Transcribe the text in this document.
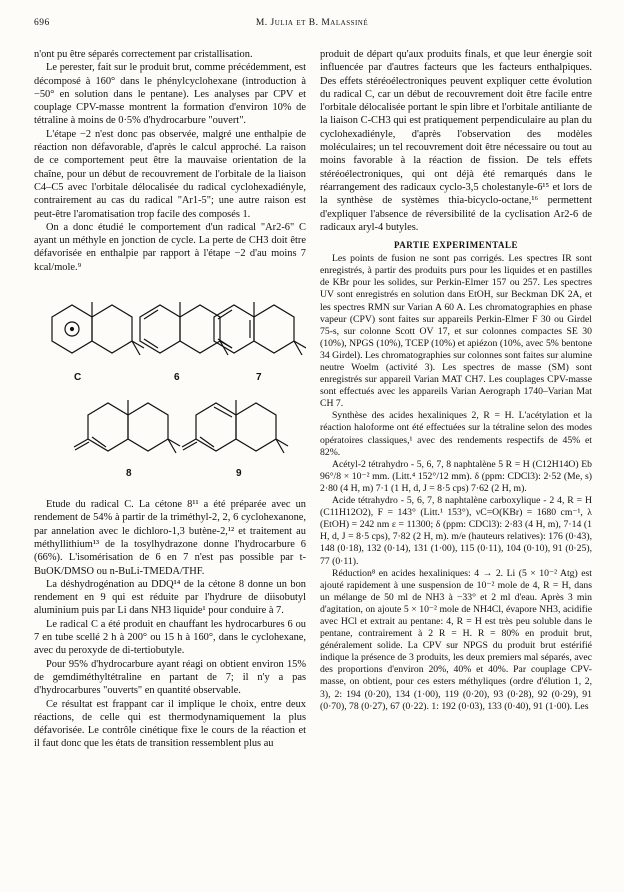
696	M. Julia et B. Malassiné

n'ont pu être séparés correctement par cristallisation.

Le perester, fait sur le produit brut, comme précédemment, est décomposé à 160° dans le phénylcyclohexane (introduction à −50° en solution dans le pentane). Les analyses par CPV et couplage CPV-masse montrent la formation d'environ 10% de tétraline à moins de 0·5% d'hydrocarbure "ouvert".

L'étape −2 n'est donc pas observée, malgré une enthalpie de réaction non défavorable, d'après le calcul approché. La raison de ce comportement peut être la mauvaise orientation de la chaîne, pour un début de recouvrement de l'orbitale de la liaison C4–C5 avec l'orbitale délocalisée du radical cyclohexadiényle, contrairement au cas du radical "Ar1-5"; une autre raison est peut-être l'aromatisation trop facile des composés 1.

On a donc étudié le comportement d'un radical "Ar2-6" C ayant un méthyle en jonction de cycle. La perte de CH3 doit être défavorisée en enthalpie par rapport à l'étape −2 d'au moins 7 kcal/mole.⁹

C	6	7
8	9

Etude du radical C. La cétone 8¹¹ a été préparée avec un rendement de 54% à partir de la triméthyl-2, 2, 6 cyclohexanone, par annelation avec le dichloro-1,3 butène-2,¹² et traitement au méthyllithium¹³ de la tosylhydrazone donne l'hydrocarbure 6 (66%). L'isomérisation de 6 en 7 n'est pas possible par t-BuOK/DMSO ou n-BuLi-TMEDA/THF.

La déshydrogénation au DDQ¹⁴ de la cétone 8 donne un bon rendement en 9 qui est réduite par l'hydrure de diisobutyl aluminium puis par Li dans NH3 liquide¹ pour conduire à 7.

Le radical C a été produit en chauffant les hydrocarbures 6 ou 7 en tube scellé 2 h à 200° ou 15 h à 160°, dans le cyclohexane, avec du peroxyde de di-tertiobutyle.

Pour 95% d'hydrocarbure ayant réagi on obtient environ 15% de gemdiméthyltétraline en partant de 7; il n'y a pas d'hydrocarbures "ouverts" en quantité observable.

Ce résultat est frappant car il implique le choix, entre deux réactions, de celle qui est thermodynamiquement la plus défavorisée. Le contrôle cinétique fixe le cours de la réaction et il faut donc que les états de transition ressemblent plus au

produit de départ qu'aux produits finals, et que leur énergie soit influencée par d'autres facteurs que les facteurs enthalpiques. Des effets stéréoélectroniques peuvent expliquer cette évolution du radical C, car un début de recouvrement doit être facile entre l'orbitale délocalisée portant le spin libre et l'orbitale antiliante de la liaison C-CH3 qui est pratiquement perpendiculaire au plan du cyclohexadiényle, d'après l'observation des modèles moléculaires; un tel recouvrement doit être nécessaire ou tout au moins favorable à la réaction de fission. De tels effets stéréoélectroniques, qui ont déjà été remarqués dans le réarrangement des radicaux cyclo-3,5 cholestanyle-6¹⁵ et lors de la synthèse de systèmes thia-bicyclo-octane,¹⁶ permettent d'expliquer l'absence de réversibilité de la cyclisation Ar2-6 de radicaux aryl-4 butyles.

PARTIE EXPERIMENTALE

Les points de fusion ne sont pas corrigés. Les spectres IR sont enregistrés, à partir des produits purs pour les liquides et en pastilles de KBr pour les solides, sur Perkin-Elmer 157 ou 257. Les spectres UV sont enregistrés en solution dans EtOH, sur Beckman DK 2A, et les spectres RMN sur Varian A 60 A. Les chromatographies en phase vapeur (CPV) sont faites sur appareils Perkin-Elmer F 30 ou Girdel 75-s, sur colonne Scott OV 17, et sur colonnes compactes SE 30 (10%), NPGS (10%), TCEP (10%) et apiézon (10%, avec 5% bentone 34 Girdel). Les chromatographies sur colonnes sont faites sur alumine neutre Woelm (activité 3). Les spectres de masse (SM) sont enregistrés sur appareil Varian MAT CH7. Les couplages CPV-masse sont effectués avec les appareils Varian Aerograph 1740–Varian Mat CH 7.

Synthèse des acides hexaliniques 2, R = H. L'acétylation et la réaction haloforme ont été effectuées sur la tétraline selon des modes opératoires classiques,¹ avec des rendements respectifs de 45% et 82%.

Acétyl-2 tétrahydro - 5, 6, 7, 8 naphtalène 5 R = H (C12H14O) Eb 96°/8 × 10⁻² mm. (Litt.⁴ 152°/12 mm). δ (ppm: CDCl3): 2·52 (Me, s) 2·80 (4 H, m) 7·1 (1 H, d, J = 8·5 cps) 7·62 (2 H, m).

Acide tétrahydro - 5, 6, 7, 8 naphtalène carboxylique - 2 4, R = H (C11H12O2), F = 143° (Litt.¹ 153°), νC=O(KBr) = 1680 cm⁻¹, λ (EtOH) = 242 nm ε = 11300; δ (ppm: CDCl3): 2·83 (4 H, m), 7·14 (1 H, d, J = 8·5 cps), 7·82 (2 H, m). m/e (hauteurs relatives): 176 (0·43), 148 (0·18), 132 (0·14), 131 (1·00), 115 (0·11), 104 (0·10), 91 (0·25), 77 (0·11).

Réduction⁸ en acides hexaliniques: 4 → 2. Li (5 × 10⁻² Atg) est ajouté rapidement à une suspension de 10⁻² mole de 4, R = H, dans un mélange de 50 ml de NH3 à −33° et 2 ml d'eau. Après 3 min d'agitation, on ajoute 5 × 10⁻² mole de NH4Cl, évapore NH3, acidifie avec HCl et extrait au pentane: 4, R = H est très peu soluble dans le pentane, contrairement à 2 R = H. R = 80% en produit brut, généralement solide. La CPV sur NPGS du produit brut estérifié indique la présence de 3 produits, les deux premiers mal séparés, avec des proportions d'environ 20%, 40% et 40%. Par couplage CPV-masse, on obtient, pour ces esters méthyliques (ordre d'élution 1, 2, 3), 2: 194 (0·20), 134 (1·00), 119 (0·20), 93 (0·28), 92 (0·29), 91 (0·70), 78 (0·27), 67 (0·22). 1: 192 (0·03), 133 (0·40), 91 (1·00). Les
